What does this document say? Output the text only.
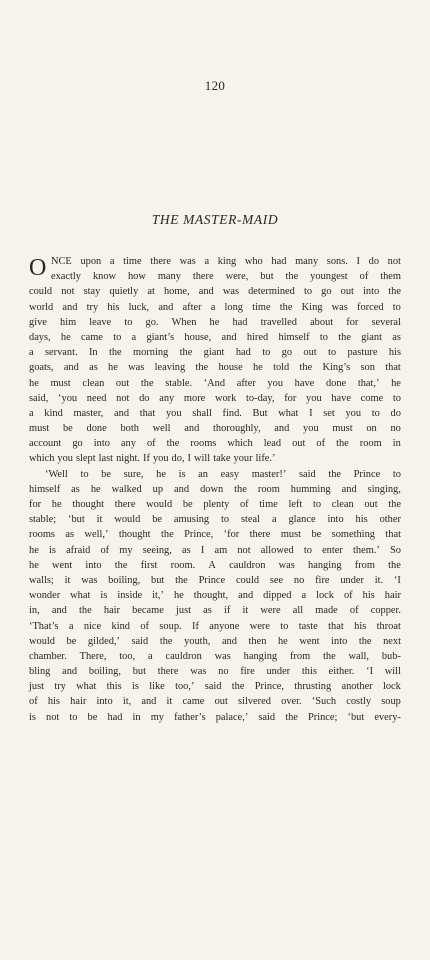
120
THE MASTER-MAID
O NCE upon a time there was a king who had many sons. I do not
exactly know how many there were, but the youngest of them
could not stay quietly at home, and was determined to go out into the
world and try his luck, and after a long time the King was forced to
give him leave to go. When he had travelled about for several
days, he came to a giant’s house, and hired himself to the giant as
a servant. In the morning the giant had to go out to pasture his
goats, and as he was leaving the house he told the King’s son that
he must clean out the stable. ‘And after you have done that,’ he
said, ‘you need not do any more work to-day, for you have come to
a kind master, and that you shall find. But what I set you to do
must be done both well and thoroughly, and you must on no
account go into any of the rooms which lead out of the room in
which you slept last night. If you do, I will take your life.’
‘Well to be sure, he is an easy master!’ said the Prince to
himself as he walked up and down the room humming and singing,
for he thought there would be plenty of time left to clean out the
stable; ‘but it would be amusing to steal a glance into his other
rooms as well,’ thought the Prince, ‘for there must be something that
he is afraid of my seeing, as I am not allowed to enter them.’ So
he went into the first room. A cauldron was hanging from the
walls; it was boiling, but the Prince could see no fire under it. ‘I
wonder what is inside it,’ he thought, and dipped a lock of his hair
in, and the hair became just as if it were all made of copper.
‘That’s a nice kind of soup. If anyone were to taste that his throat
would be gilded,’ said the youth, and then he went into the next
chamber. There, too, a cauldron was hanging from the wall, bub-
bling and boiling, but there was no fire under this either. ‘I will
just try what this is like too,’ said the Prince, thrusting another lock
of his hair into it, and it came out silvered over. ‘Such costly soup
is not to be had in my father’s palace,’ said the Prince; ‘but every-
